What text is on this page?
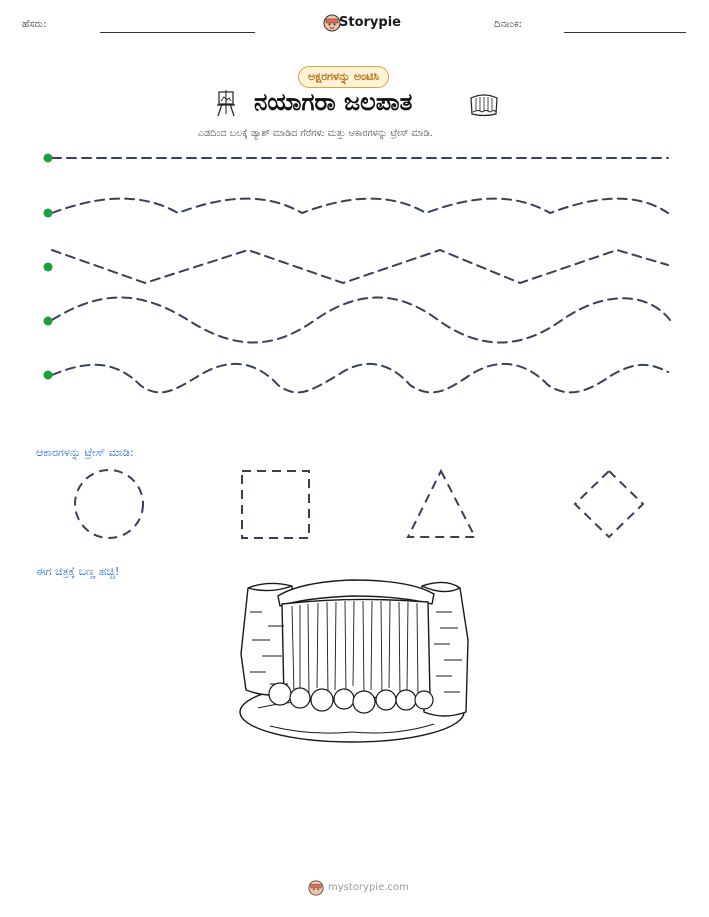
ಹೆಸರು:	Storypie	ದಿನಾಂಕ:
ಅಕ್ಷರಗಳನ್ನು ಅಂಟಿಸಿ
ನಯಾಗರಾ ಜಲಪಾತ
ಎಡದಿಂದ ಬಲಕ್ಕೆ ಡ್ಯಾಶ್ ಮಾಡಿದ ಗೆರೆಗಳು ಮತ್ತು ಆಕಾರಗಳನ್ನು ಟ್ರೇಸ್ ಮಾಡಿ.
ಆಕಾರಗಳನ್ನು ಟ್ರೇಸ್ ಮಾಡಿ:
ಈಗ ಚಿತ್ರಕ್ಕೆ ಬಣ್ಣ ಹಚ್ಚಿ!
mystorypie.com
